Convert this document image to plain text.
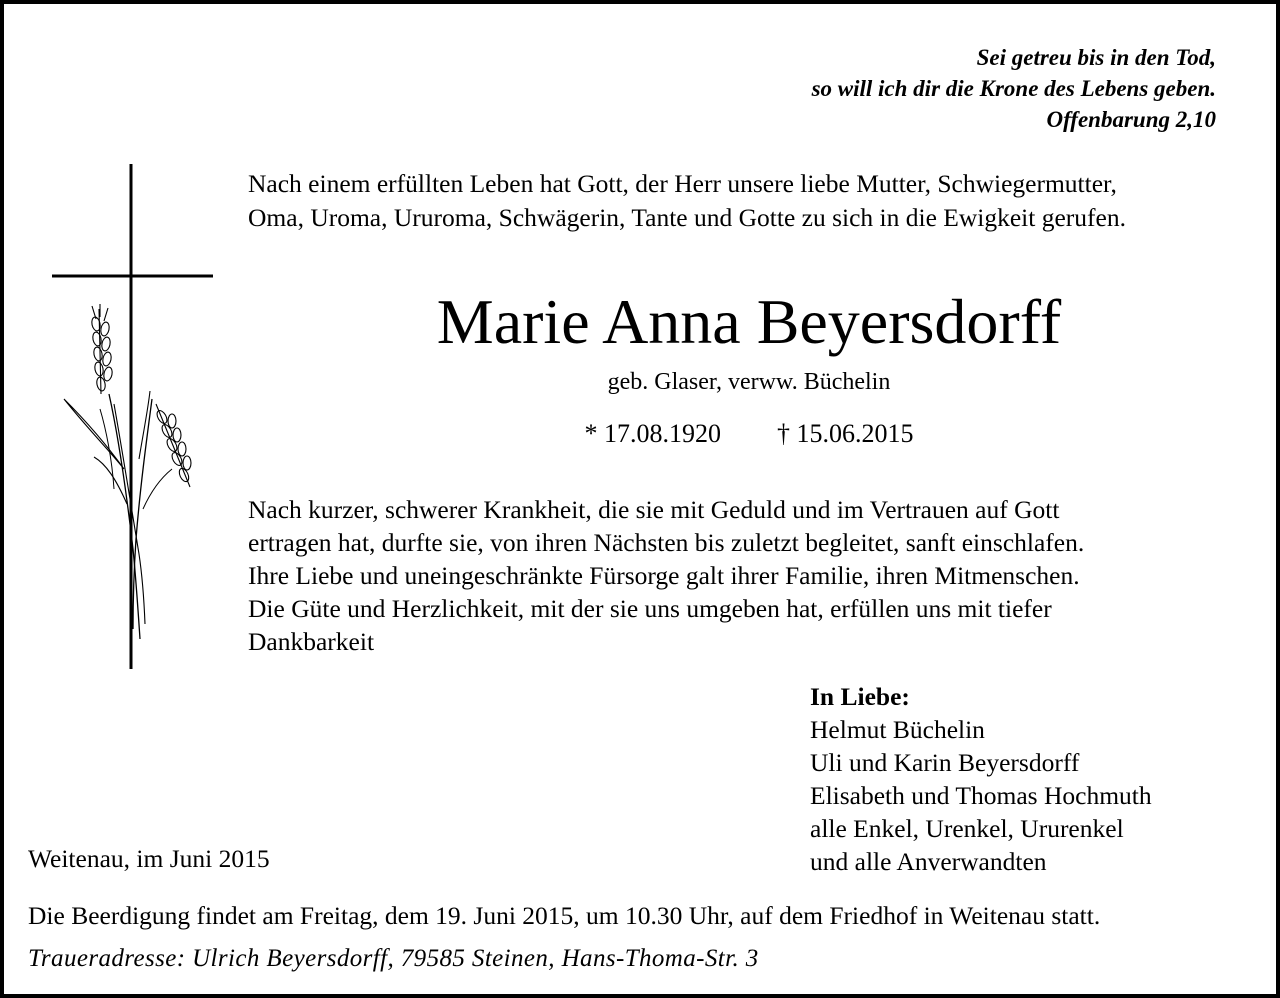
Sei getreu bis in den Tod,
so will ich dir die Krone des Lebens geben.
Offenbarung 2,10
Nach einem erfüllten Leben hat Gott, der Herr unsere liebe Mutter, Schwiegermutter,
Oma, Uroma, Ururoma, Schwägerin, Tante und Gotte zu sich in die Ewigkeit gerufen.
Marie Anna Beyersdorff
geb. Glaser, verww. Büchelin
* 17.08.1920 † 15.06.2015
Nach kurzer, schwerer Krankheit, die sie mit Geduld und im Vertrauen auf Gott
ertragen hat, durfte sie, von ihren Nächsten bis zuletzt begleitet, sanft einschlafen.
Ihre Liebe und uneingeschränkte Fürsorge galt ihrer Familie, ihren Mitmenschen.
Die Güte und Herzlichkeit, mit der sie uns umgeben hat, erfüllen uns mit tiefer
Dankbarkeit
In Liebe:
Helmut Büchelin
Uli und Karin Beyersdorff
Elisabeth und Thomas Hochmuth
alle Enkel, Urenkel, Ururenkel
und alle Anverwandten
Weitenau, im Juni 2015
Die Beerdigung findet am Freitag, dem 19. Juni 2015, um 10.30 Uhr, auf dem Friedhof in Weitenau statt.
Traueradresse: Ulrich Beyersdorff, 79585 Steinen, Hans-Thoma-Str. 3
